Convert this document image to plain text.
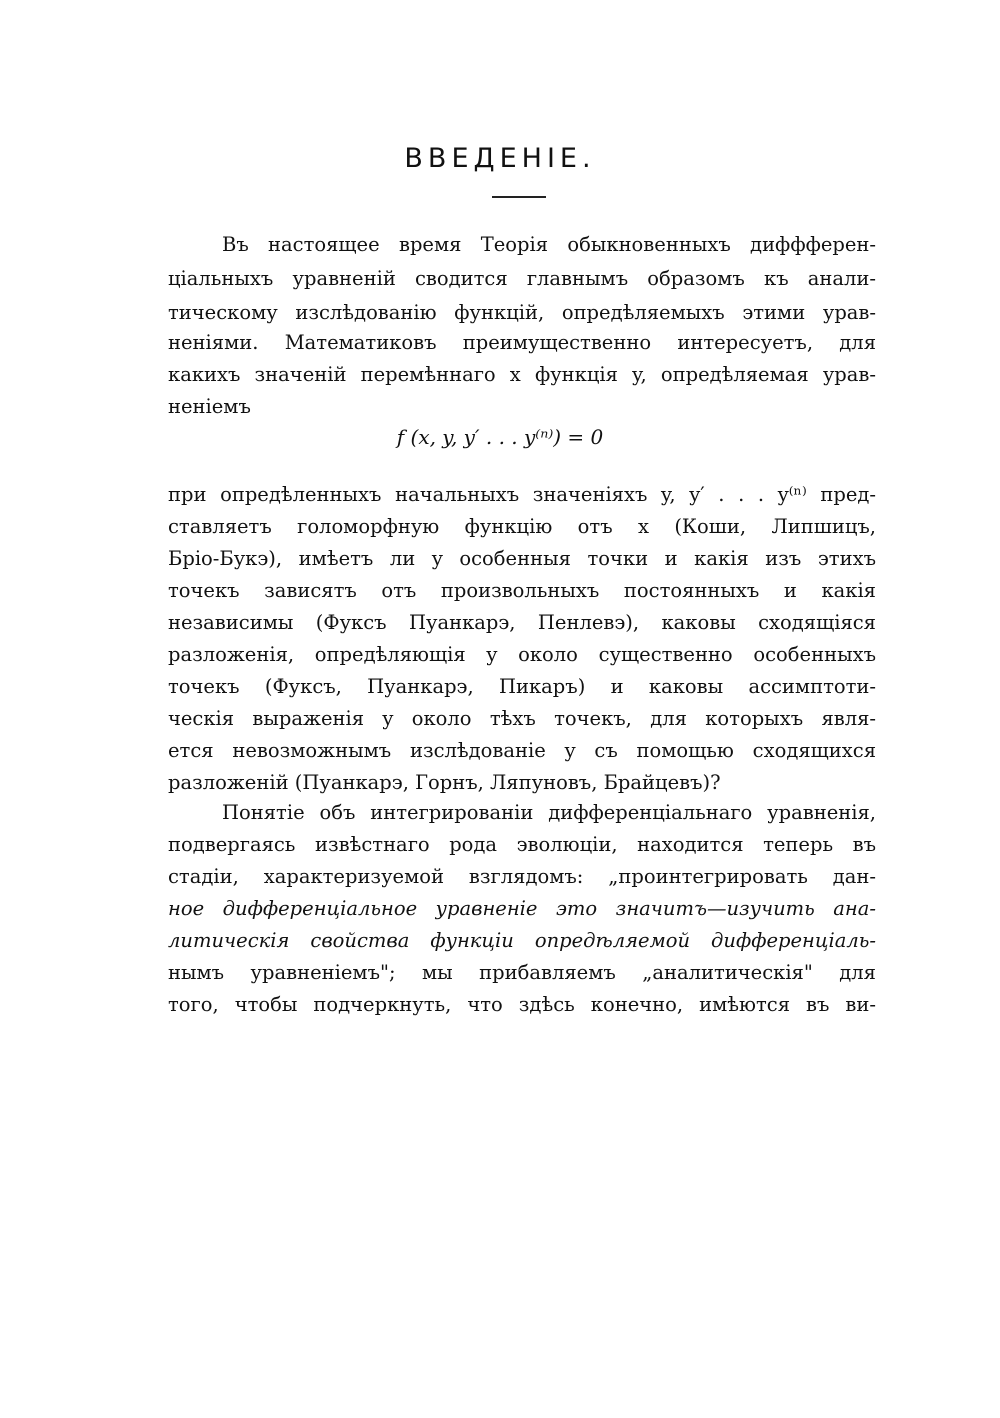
ВВЕДЕНІЕ.
Въ настоящее время Теорія обыкновенныхъ диффферен-
ціальныхъ уравненій сводится главнымъ образомъ къ анали-
тическому изслѣдованію функцій, опредѣляемыхъ этими урав-
неніями. Математиковъ преимущественно интересуетъ, для
какихъ значеній перемѣннаго x функція y, опредѣляемая урав-
неніемъ
f (x, y, y′ . . . y⁽ⁿ⁾) = 0
при опредѣленныхъ начальныхъ значеніяхъ y, y′ . . . y⁽ⁿ⁾ пред-
ставляетъ голоморфную функцію отъ x (Коши, Липшицъ,
Бріо-Букэ), имѣетъ ли y особенныя точки и какія изъ этихъ
точекъ зависятъ отъ произвольныхъ постоянныхъ и какія
независимы (Фуксъ Пуанкарэ, Пенлевэ), каковы сходящіяся
разложенія, опредѣляющія y около существенно особенныхъ
точекъ (Фуксъ, Пуанкарэ, Пикаръ) и каковы ассимптоти-
ческія выраженія y около тѣхъ точекъ, для которыхъ явля-
ется невозможнымъ изслѣдованіе y съ помощью сходящихся
разложеній (Пуанкарэ, Горнъ, Ляпуновъ, Брайцевъ)?
Понятіе объ интегрированіи дифференціальнаго уравненія,
подвергаясь извѣстнаго рода эволюціи, находится теперь въ
стадіи, характеризуемой взглядомъ: „проинтегрировать дан-
ное дифференціальное уравненіе это значитъ—изучить ана-
литическія свойства функціи опредѣляемой дифференціаль-
нымъ уравненіемъ"; мы прибавляемъ „аналитическія" для
того, чтобы подчеркнуть, что здѣсь конечно, имѣются въ ви-
